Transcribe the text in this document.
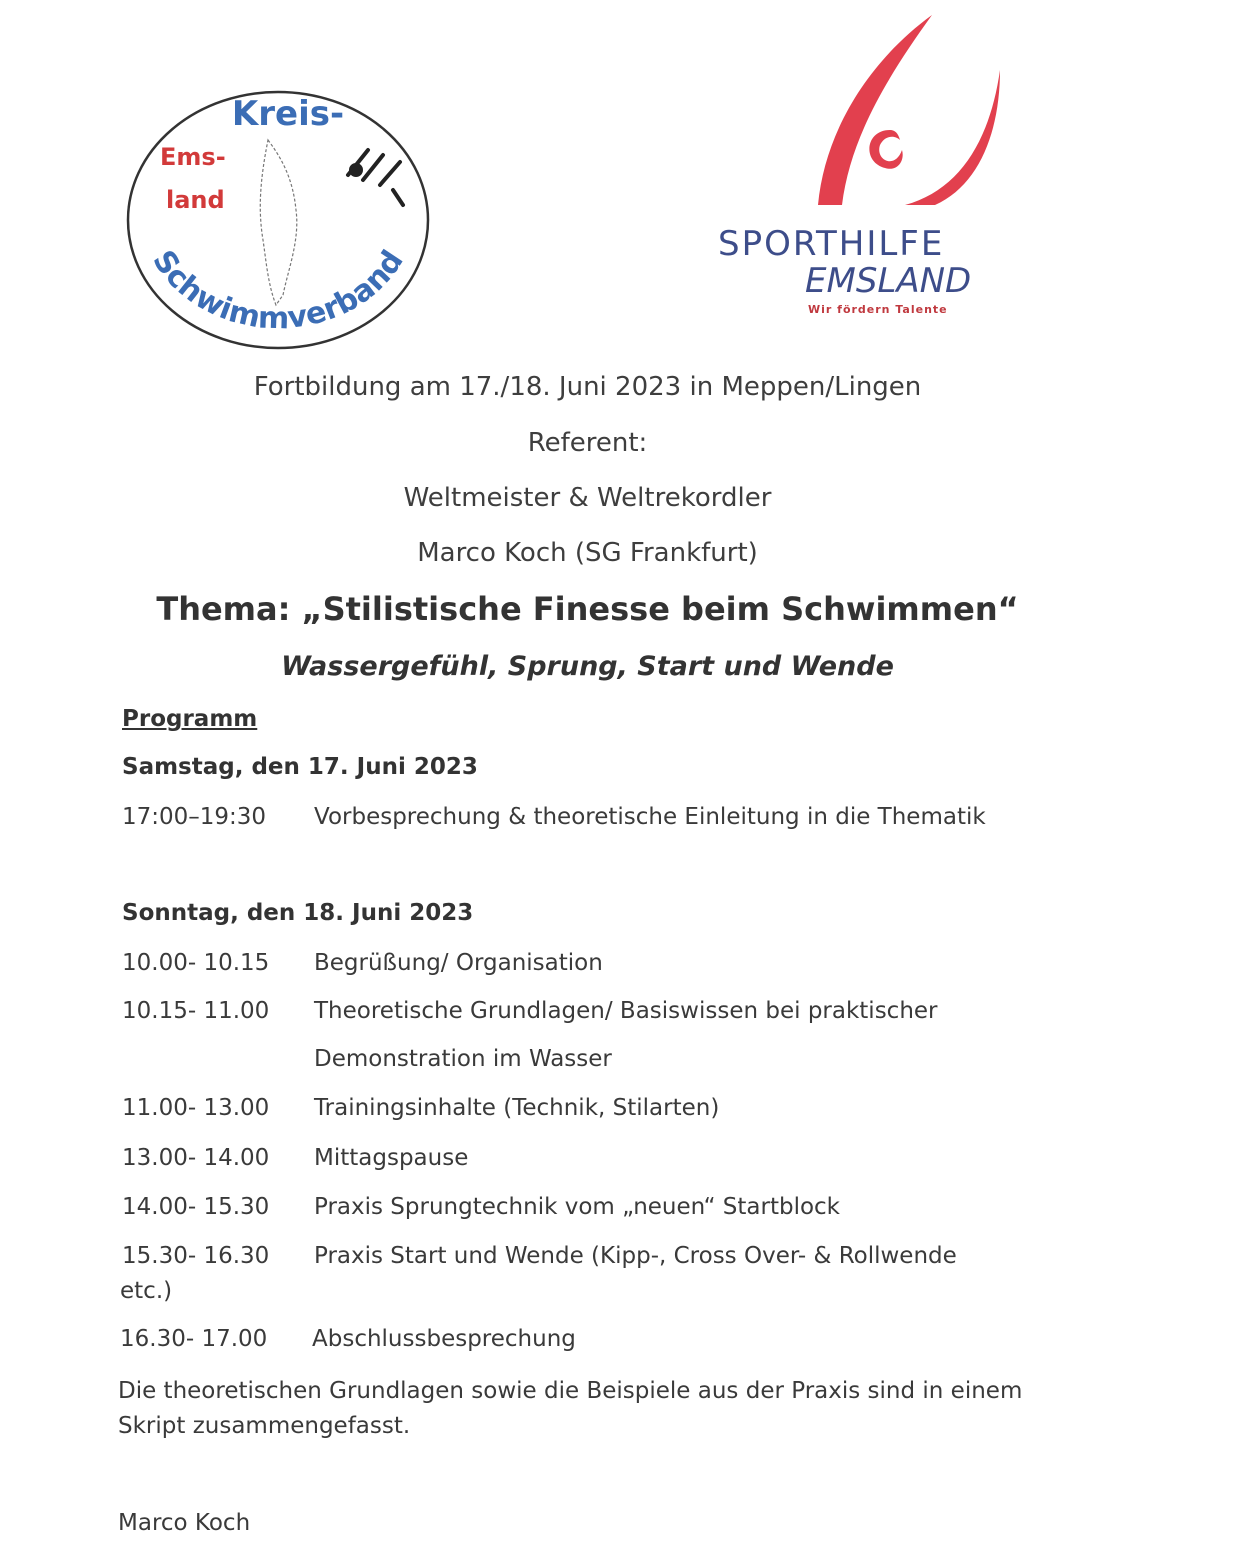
Kreis-
Ems-
land
Schwimmverband	SPORTHILFE
EMSLAND
Wir fördern Talente
Fortbildung am 17./18. Juni 2023 in Meppen/Lingen
Referent:
Weltmeister & Weltrekordler
Marco Koch (SG Frankfurt)
Thema: „Stilistische Finesse beim Schwimmen“
Wassergefühl, Sprung, Start und Wende
Programm
Samstag, den 17. Juni 2023
17:00–19:30 Vorbesprechung & theoretische Einleitung in die Thematik
Sonntag, den 18. Juni 2023
10.00- 10.15 Begrüßung/ Organisation
10.15- 11.00 Theoretische Grundlagen/ Basiswissen bei praktischer
Demonstration im Wasser
11.00- 13.00 Trainingsinhalte (Technik, Stilarten)
13.00- 14.00 Mittagspause
14.00- 15.30 Praxis Sprungtechnik vom „neuen“ Startblock
15.30- 16.30 Praxis Start und Wende (Kipp-, Cross Over- & Rollwende
etc.)
16.30- 17.00 Abschlussbesprechung
Die theoretischen Grundlagen sowie die Beispiele aus der Praxis sind in einem Skript zusammengefasst.
Marco Koch
